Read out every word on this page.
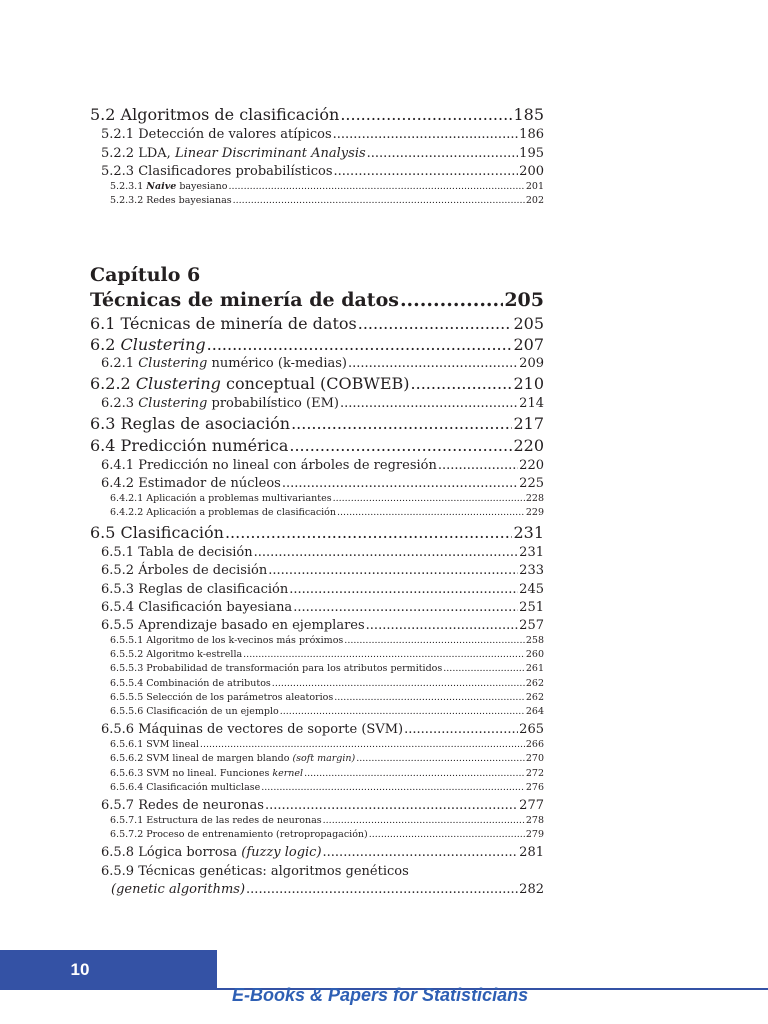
5.2 Algoritmos de clasificación .....	185
5.2.1 Detección de valores atípicos .....	186
5.2.2 LDA, Linear Discriminant Analysis .....	195
5.2.3 Clasificadores probabilísticos .....	200
5.2.3.1 Naive bayesiano .....	201
5.2.3.2 Redes bayesianas .....	202
Capítulo 6
Técnicas de minería de datos .....	205
6.1 Técnicas de minería de datos .....	205
6.2 Clustering .....	207
6.2.1 Clustering numérico (k-medias) .....	209
6.2.2 Clustering conceptual (COBWEB) .....	210
6.2.3 Clustering probabilístico (EM) .....	214
6.3 Reglas de asociación .....	217
6.4 Predicción numérica .....	220
6.4.1 Predicción no lineal con árboles de regresión .....	220
6.4.2 Estimador de núcleos .....	225
6.4.2.1 Aplicación a problemas multivariantes .....	228
6.4.2.2 Aplicación a problemas de clasificación .....	229
6.5 Clasificación .....	231
6.5.1 Tabla de decisión .....	231
6.5.2 Árboles de decisión .....	233
6.5.3 Reglas de clasificación .....	245
6.5.4 Clasificación bayesiana .....	251
6.5.5 Aprendizaje basado en ejemplares .....	257
6.5.5.1 Algoritmo de los k-vecinos más próximos .....	258
6.5.5.2 Algoritmo k-estrella .....	260
6.5.5.3 Probabilidad de transformación para los atributos permitidos .....	261
6.5.5.4 Combinación de atributos .....	262
6.5.5.5 Selección de los parámetros aleatorios .....	262
6.5.5.6 Clasificación de un ejemplo .....	264
6.5.6 Máquinas de vectores de soporte (SVM) .....	265
6.5.6.1 SVM lineal .....	266
6.5.6.2 SVM lineal de margen blando (soft margin) .....	270
6.5.6.3 SVM no lineal. Funciones kernel .....	272
6.5.6.4 Clasificación multiclase .....	276
6.5.7 Redes de neuronas .....	277
6.5.7.1 Estructura de las redes de neuronas .....	278
6.5.7.2 Proceso de entrenamiento (retropropagación) .....	279
6.5.8 Lógica borrosa (fuzzy logic) .....	281
6.5.9 Técnicas genéticas: algoritmos genéticos
(genetic algorithms) .....	282
10
E-Books & Papers for Statisticians
